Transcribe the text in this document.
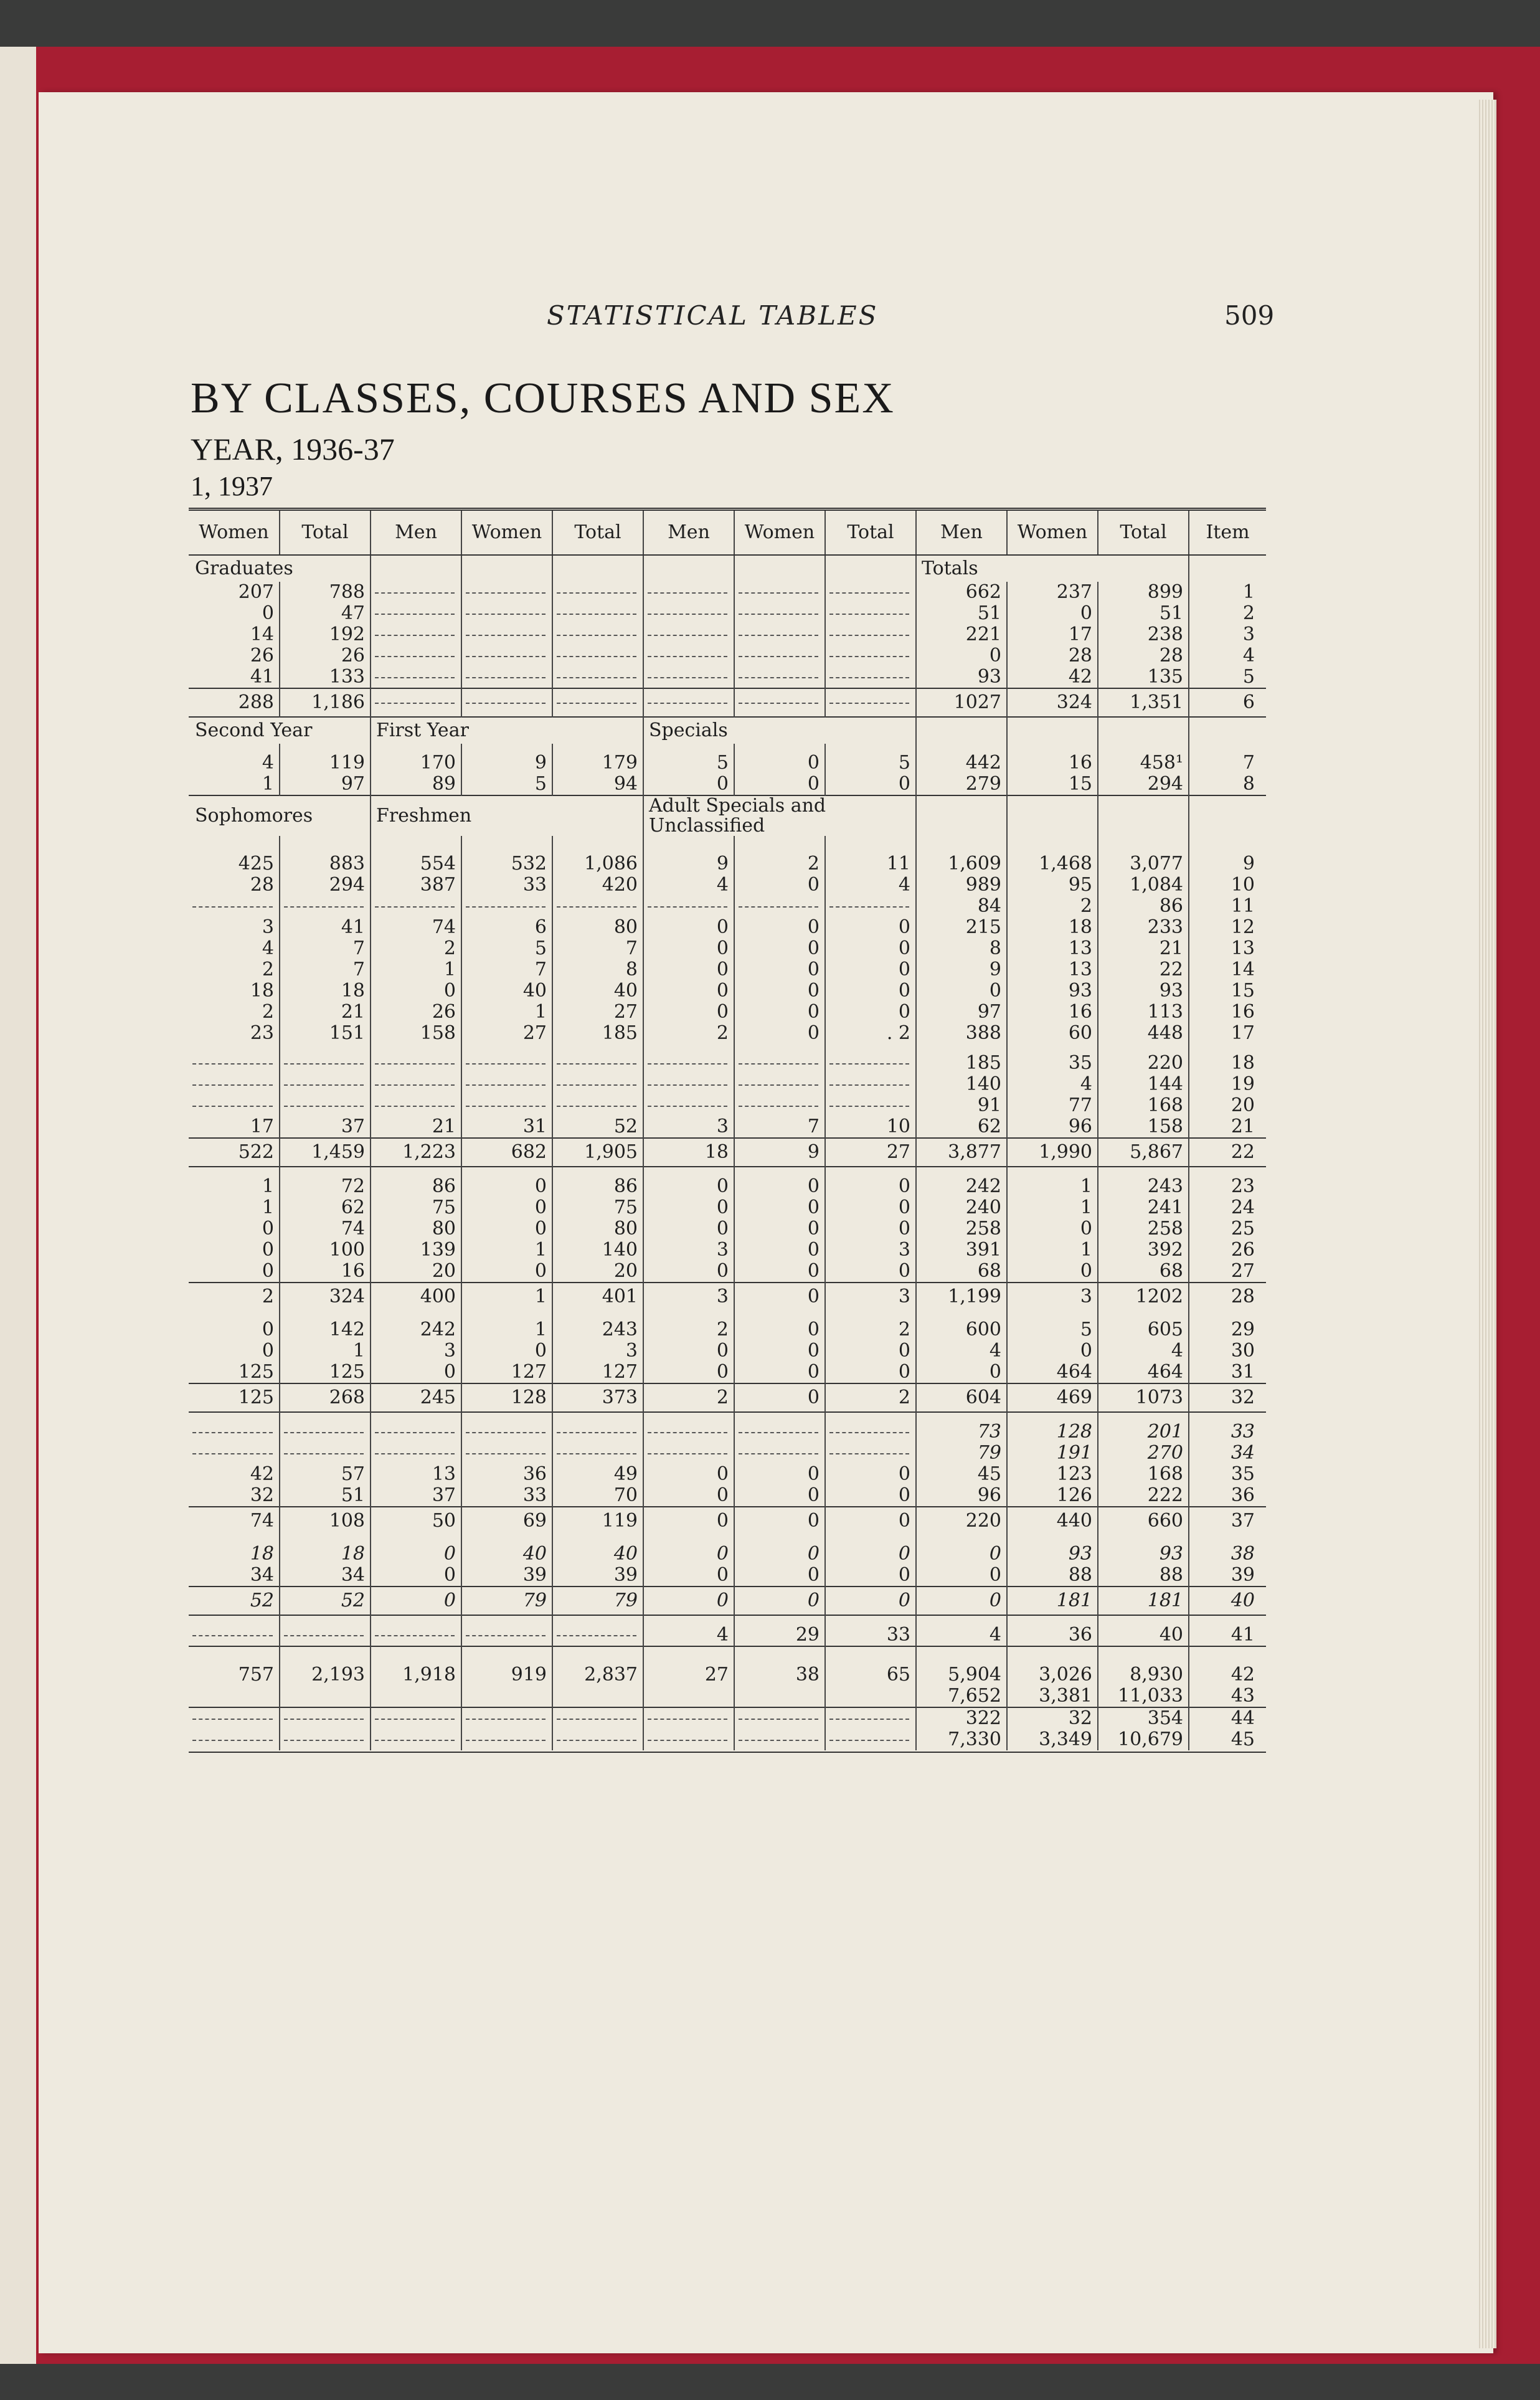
STATISTICAL TABLES	509
BY CLASSES, COURSES AND SEX
YEAR, 1936-37
1, 1937
Women	Total	Men	Women	Total	Men	Women	Total	Men	Women	Total	Item
Graduates								Totals			
207	788							662	237	899	1
0	47							51	0	51	2
14	192							221	17	238	3
26	26							0	28	28	4
41	133							93	42	135	5
288	1,186							1027	324	1,351	6
Second Year		First Year			Specials						

4	119	170	9	179	5	0	5	442	16	458¹	7
1	97	89	5	94	0	0	0	279	15	294	8
Sophomores		Freshmen			Adult Specials and
Unclassified						

425	883	554	532	1,086	9	2	11	1,609	1,468	3,077	9
28	294	387	33	420	4	0	4	989	95	1,084	10
								84	2	86	11
3	41	74	6	80	0	0	0	215	18	233	12
4	7	2	5	7	0	0	0	8	13	21	13
2	7	1	7	8	0	0	0	9	13	22	14
18	18	0	40	40	0	0	0	0	93	93	15
2	21	26	1	27	0	0	0	97	16	113	16
23	151	158	27	185	2	0	. 2	388	60	448	17

								185	35	220	18
								140	4	144	19
								91	77	168	20
17	37	21	31	52	3	7	10	62	96	158	21
522	1,459	1,223	682	1,905	18	9	27	3,877	1,990	5,867	22

1	72	86	0	86	0	0	0	242	1	243	23
1	62	75	0	75	0	0	0	240	1	241	24
0	74	80	0	80	0	0	0	258	0	258	25
0	100	139	1	140	3	0	3	391	1	392	26
0	16	20	0	20	0	0	0	68	0	68	27
2	324	400	1	401	3	0	3	1,199	3	1202	28

0	142	242	1	243	2	0	2	600	5	605	29
0	1	3	0	3	0	0	0	4	0	4	30
125	125	0	127	127	0	0	0	0	464	464	31
125	268	245	128	373	2	0	2	604	469	1073	32

								73	128	201	33
								79	191	270	34
42	57	13	36	49	0	0	0	45	123	168	35
32	51	37	33	70	0	0	0	96	126	222	36
74	108	50	69	119	0	0	0	220	440	660	37

18	18	0	40	40	0	0	0	0	93	93	38
34	34	0	39	39	0	0	0	0	88	88	39
52	52	0	79	79	0	0	0	0	181	181	40

					4	29	33	4	36	40	41

757	2,193	1,918	919	2,837	27	38	65	5,904	3,026	8,930	42
								7,652	3,381	11,033	43
								322	32	354	44
								7,330	3,349	10,679	45
